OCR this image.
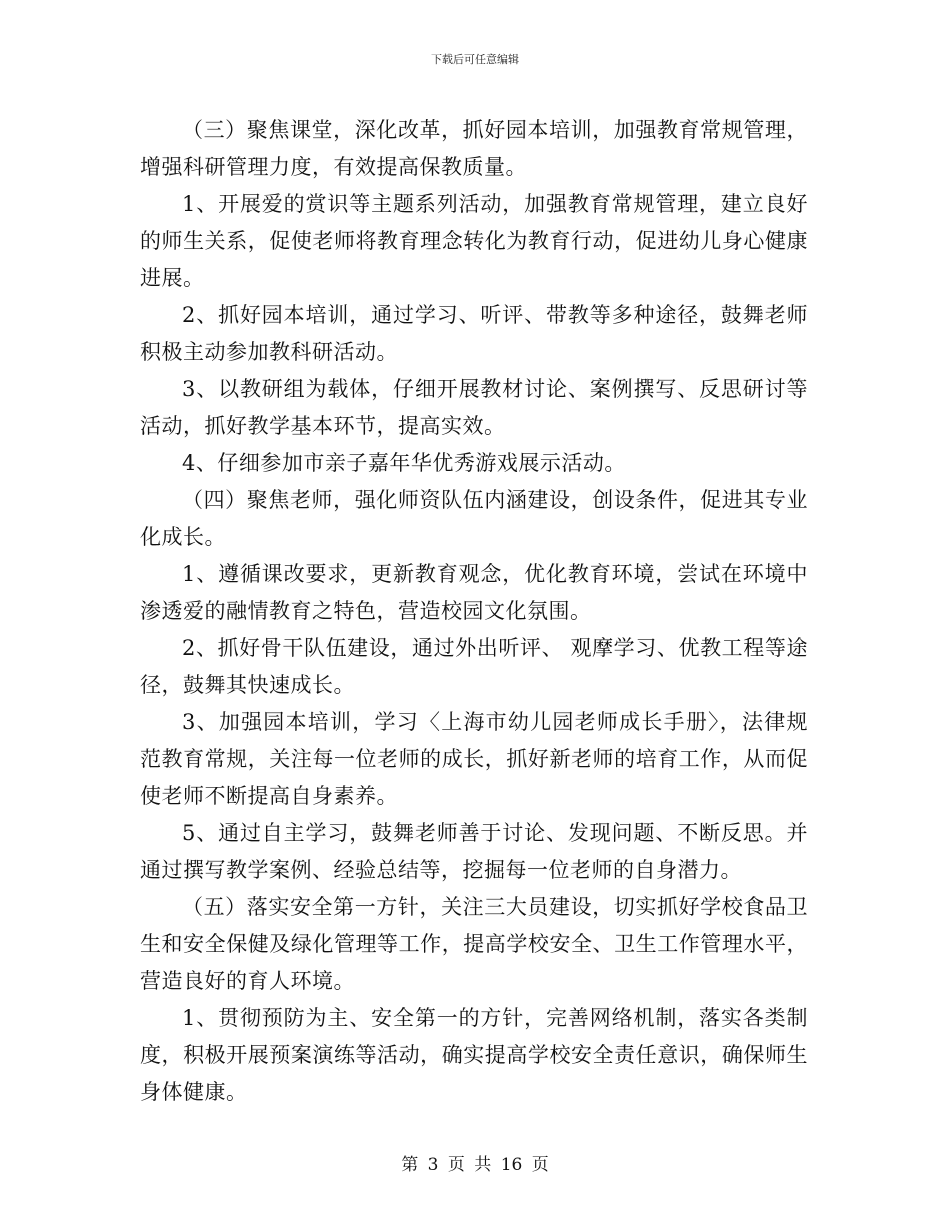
下载后可任意编辑

（三）聚焦课堂，深化改革，抓好园本培训，加强教育常规管理，增强科研管理力度，有效提高保教质量。

1、开展爱的赏识等主题系列活动，加强教育常规管理，建立良好的师生关系，促使老师将教育理念转化为教育行动，促进幼儿身心健康进展。

2、抓好园本培训，通过学习、听评、带教等多种途径，鼓舞老师积极主动参加教科研活动。

3、以教研组为载体，仔细开展教材讨论、案例撰写、反思研讨等活动，抓好教学基本环节，提高实效。

4、仔细参加市亲子嘉年华优秀游戏展示活动。

（四）聚焦老师，强化师资队伍内涵建设，创设条件，促进其专业化成长。

1、遵循课改要求，更新教育观念，优化教育环境，尝试在环境中渗透爱的融情教育之特色，营造校园文化氛围。

2、抓好骨干队伍建设，通过外出听评、 观摩学习、优教工程等途径，鼓舞其快速成长。

3、加强园本培训，学习〈上海市幼儿园老师成长手册〉，法律规范教育常规，关注每一位老师的成长，抓好新老师的培育工作，从而促使老师不断提高自身素养。

5、通过自主学习，鼓舞老师善于讨论、发现问题、不断反思。并通过撰写教学案例、经验总结等，挖掘每一位老师的自身潜力。

（五）落实安全第一方针，关注三大员建设，切实抓好学校食品卫生和安全保健及绿化管理等工作，提高学校安全、卫生工作管理水平，营造良好的育人环境。

1、贯彻预防为主、安全第一的方针，完善网络机制，落实各类制度，积极开展预案演练等活动，确实提高学校安全责任意识，确保师生身体健康。

第 3 页 共 16 页
